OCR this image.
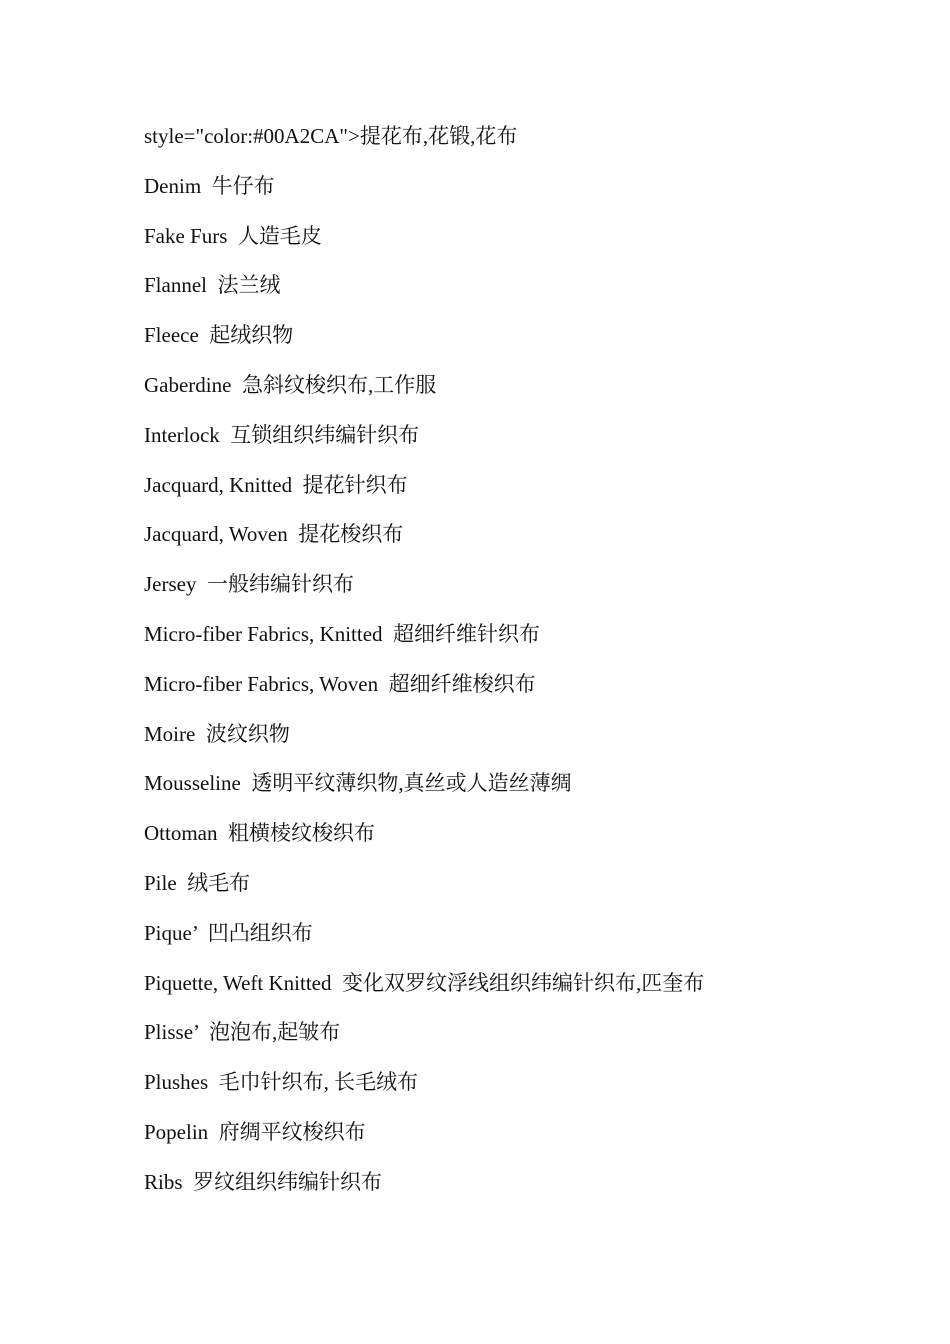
style="color:#00A2CA">提花布,花锻,花布
Denim  牛仔布
Fake Furs  人造毛皮
Flannel  法兰绒
Fleece  起绒织物
Gaberdine  急斜纹梭织布,工作服
Interlock  互锁组织纬编针织布
Jacquard, Knitted  提花针织布
Jacquard, Woven  提花梭织布
Jersey  一般纬编针织布
Micro-fiber Fabrics, Knitted  超细纤维针织布
Micro-fiber Fabrics, Woven  超细纤维梭织布
Moire  波纹织物
Mousseline  透明平纹薄织物,真丝或人造丝薄绸
Ottoman  粗横棱纹梭织布
Pile  绒毛布
Pique’  凹凸组织布
Piquette, Weft Knitted  变化双罗纹浮线组织纬编针织布,匹奎布
Plisse’  泡泡布,起皱布
Plushes  毛巾针织布, 长毛绒布
Popelin  府绸平纹梭织布
Ribs  罗纹组织纬编针织布
